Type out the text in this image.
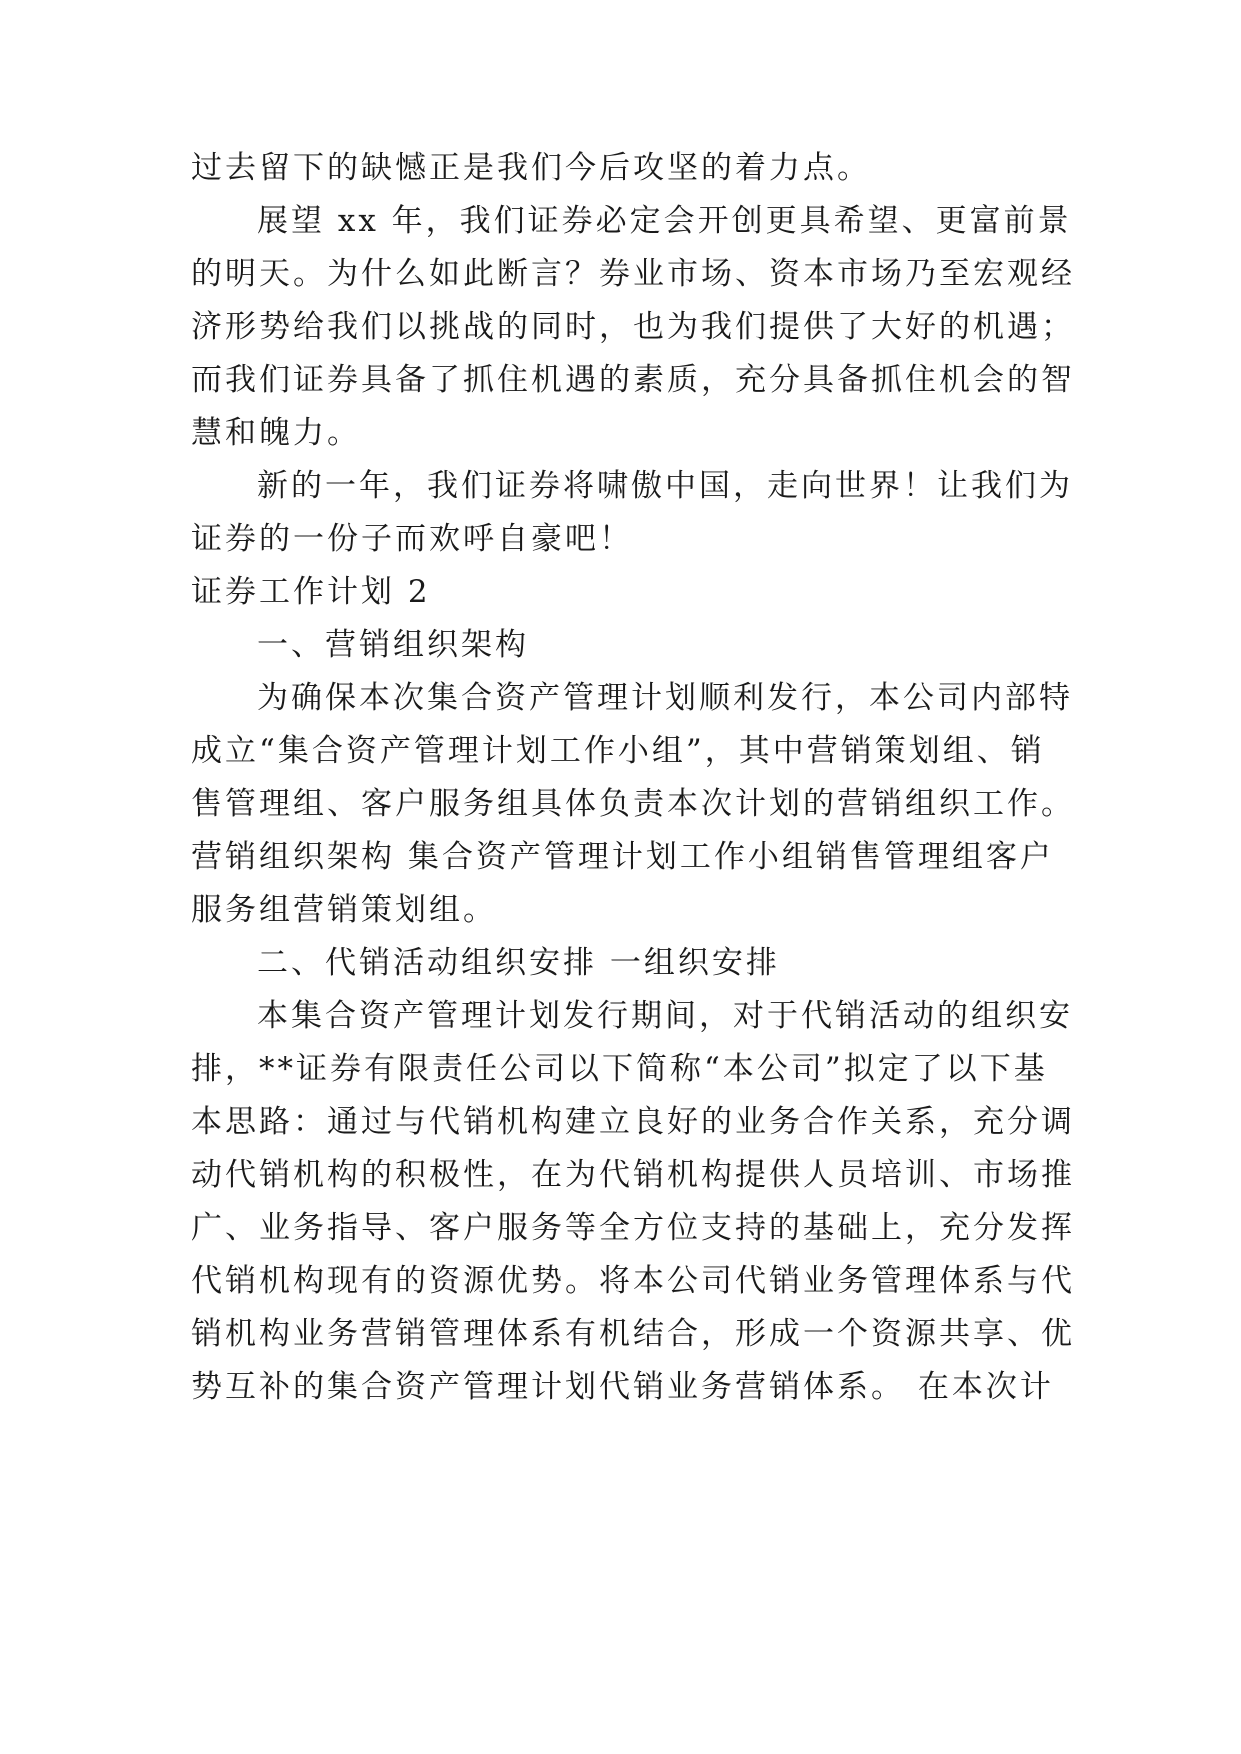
过去留下的缺憾正是我们今后攻坚的着力点。
展望 xx 年，我们证券必定会开创更具希望、更富前景
的明天。为什么如此断言？券业市场、资本市场乃至宏观经
济形势给我们以挑战的同时，也为我们提供了大好的机遇；
而我们证券具备了抓住机遇的素质，充分具备抓住机会的智
慧和魄力。
新的一年，我们证券将啸傲中国，走向世界！让我们为
证券的一份子而欢呼自豪吧！
证券工作计划 2
一、营销组织架构
为确保本次集合资产管理计划顺利发行，本公司内部特
成立“集合资产管理计划工作小组”，其中营销策划组、销
售管理组、客户服务组具体负责本次计划的营销组织工作。
营销组织架构 集合资产管理计划工作小组销售管理组客户
服务组营销策划组。
二、代销活动组织安排 一组织安排
本集合资产管理计划发行期间，对于代销活动的组织安
排，**证券有限责任公司以下简称“本公司”拟定了以下基
本思路：通过与代销机构建立良好的业务合作关系，充分调
动代销机构的积极性，在为代销机构提供人员培训、市场推
广、业务指导、客户服务等全方位支持的基础上，充分发挥
代销机构现有的资源优势。将本公司代销业务管理体系与代
销机构业务营销管理体系有机结合，形成一个资源共享、优
势互补的集合资产管理计划代销业务营销体系。 在本次计
